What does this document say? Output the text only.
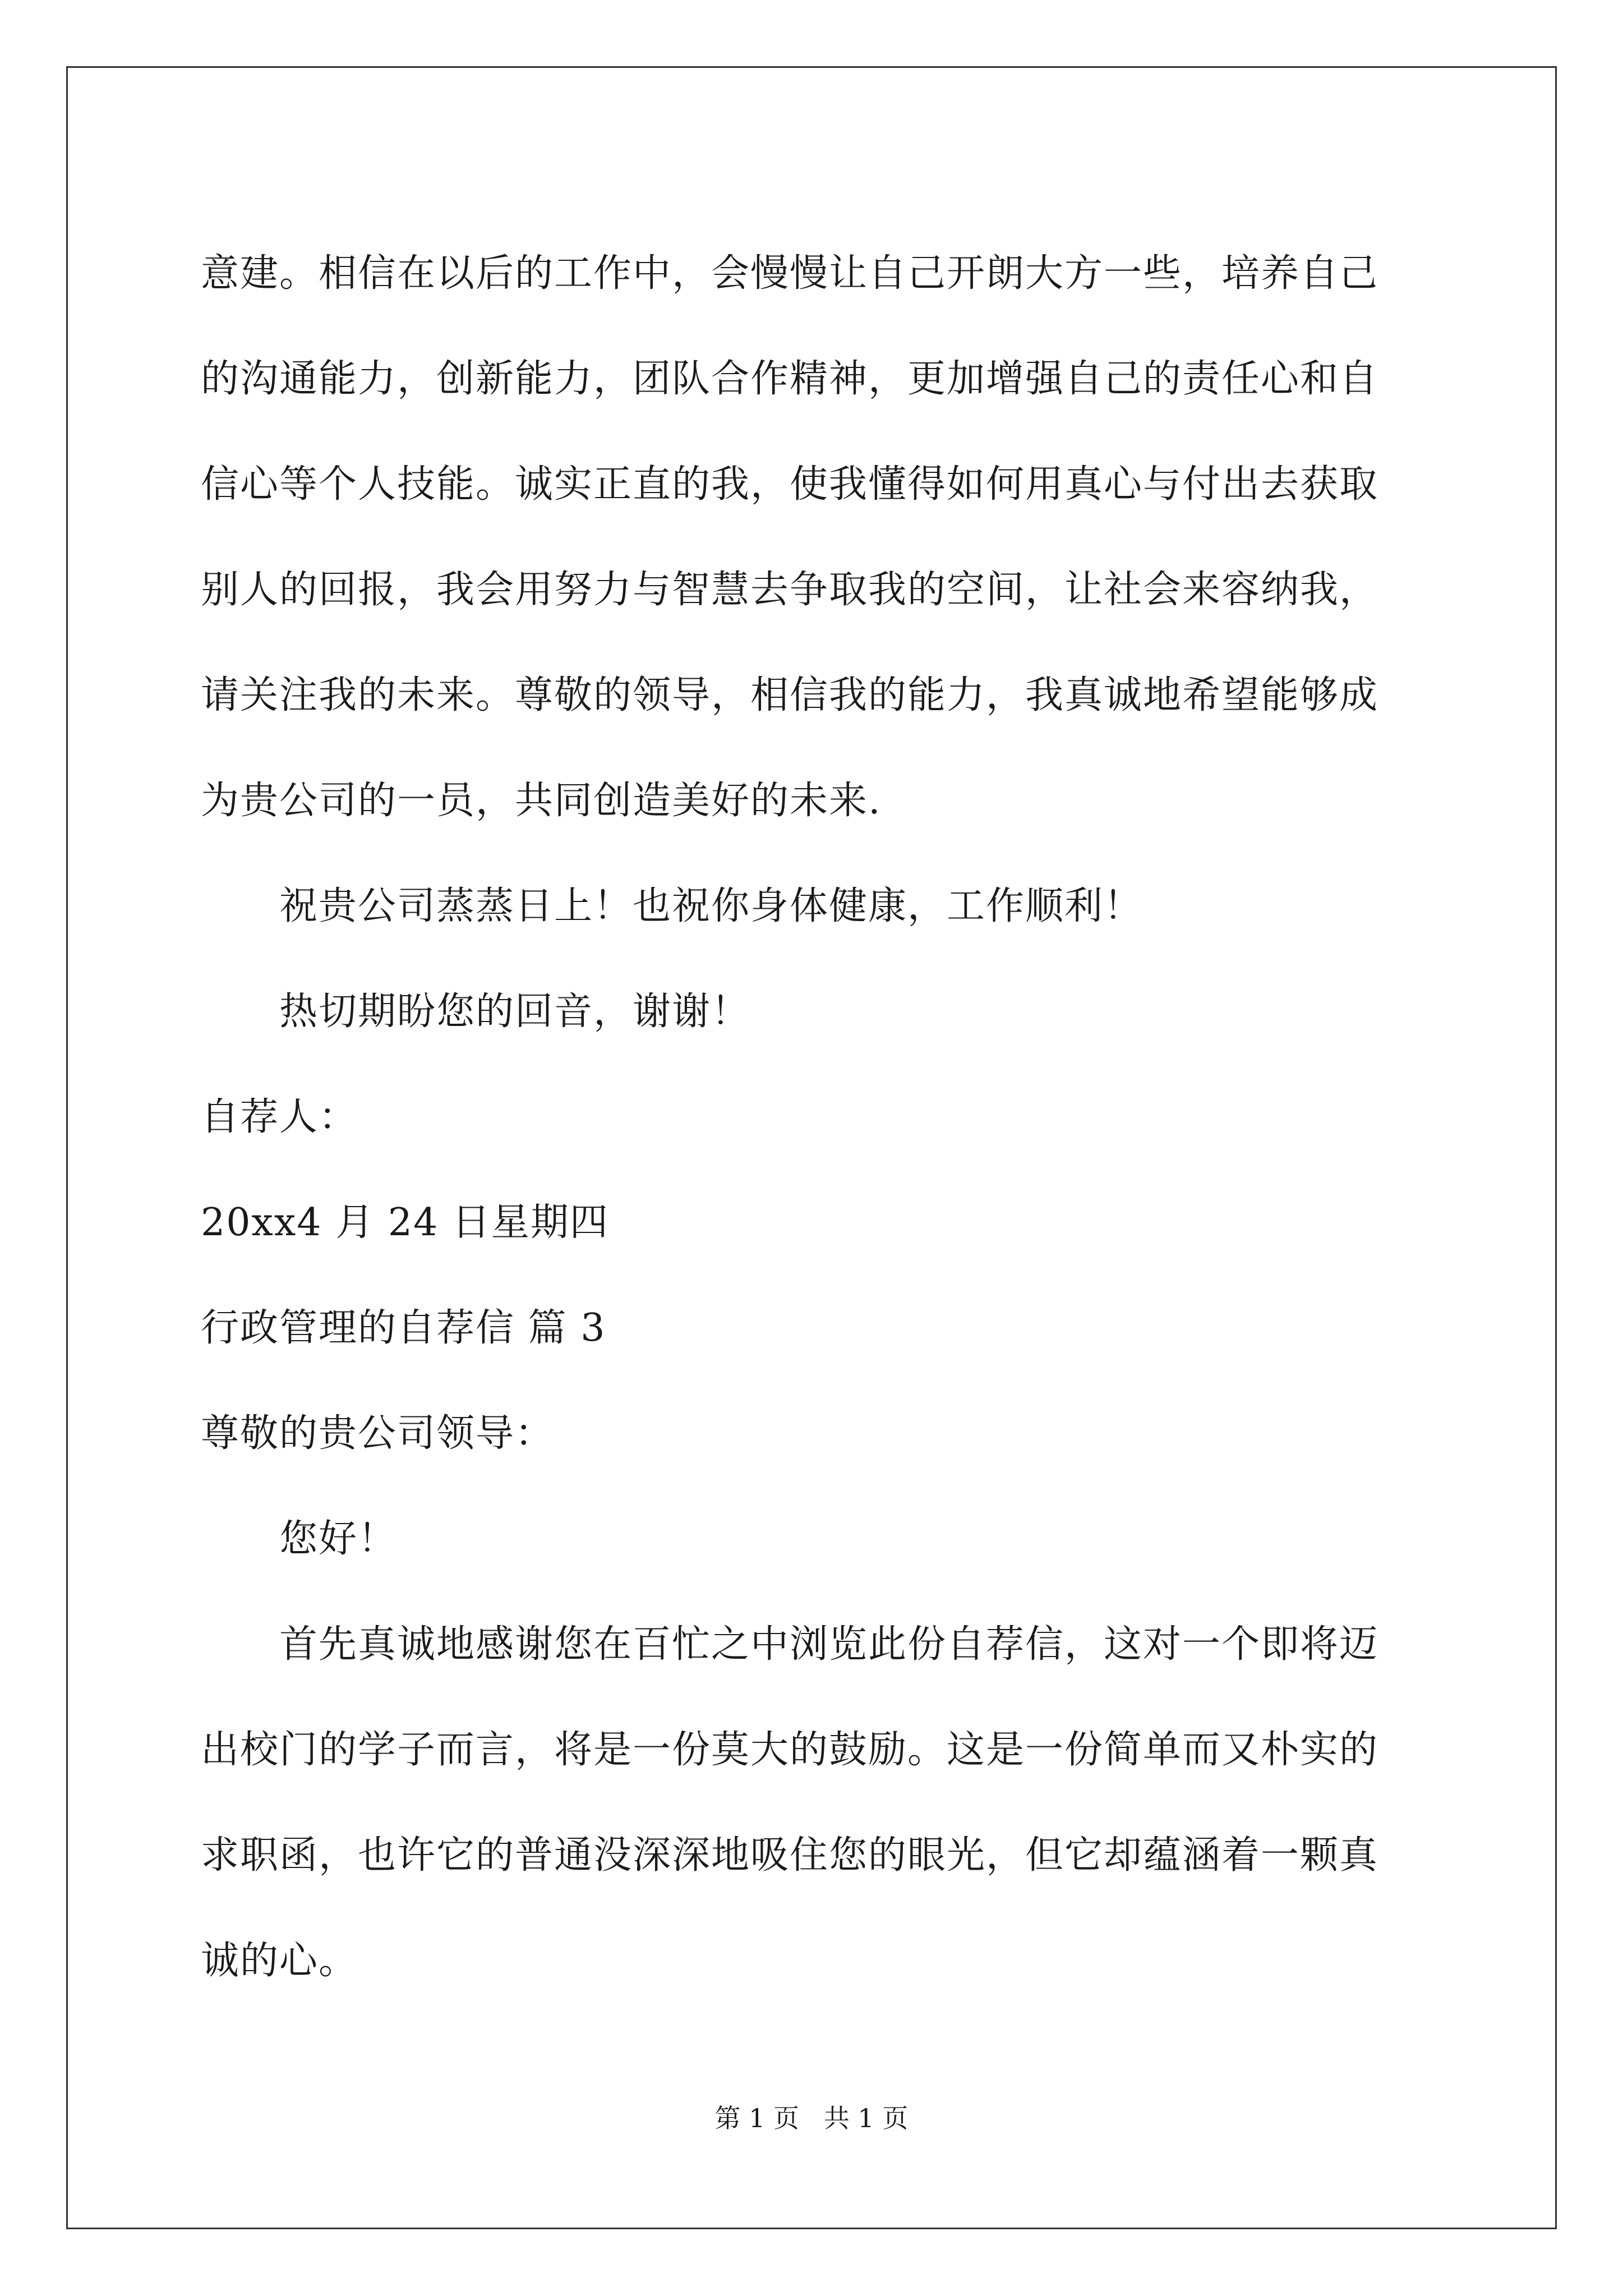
意建。相信在以后的工作中，会慢慢让自己开朗大方一些，培养自己
的沟通能力，创新能力，团队合作精神，更加增强自己的责任心和自
信心等个人技能。诚实正直的我，使我懂得如何用真心与付出去获取
别人的回报，我会用努力与智慧去争取我的空间，让社会来容纳我，
请关注我的未来。尊敬的领导，相信我的能力，我真诚地希望能够成
为贵公司的一员，共同创造美好的未来.
祝贵公司蒸蒸日上！也祝你身体健康，工作顺利！
热切期盼您的回音，谢谢！
自荐人：
20xx4 月 24 日星期四
行政管理的自荐信 篇 3
尊敬的贵公司领导：
您好！
首先真诚地感谢您在百忙之中浏览此份自荐信，这对一个即将迈
出校门的学子而言，将是一份莫大的鼓励。这是一份简单而又朴实的
求职函，也许它的普通没深深地吸住您的眼光，但它却蕴涵着一颗真
诚的心。
第 1 页   共 1 页
